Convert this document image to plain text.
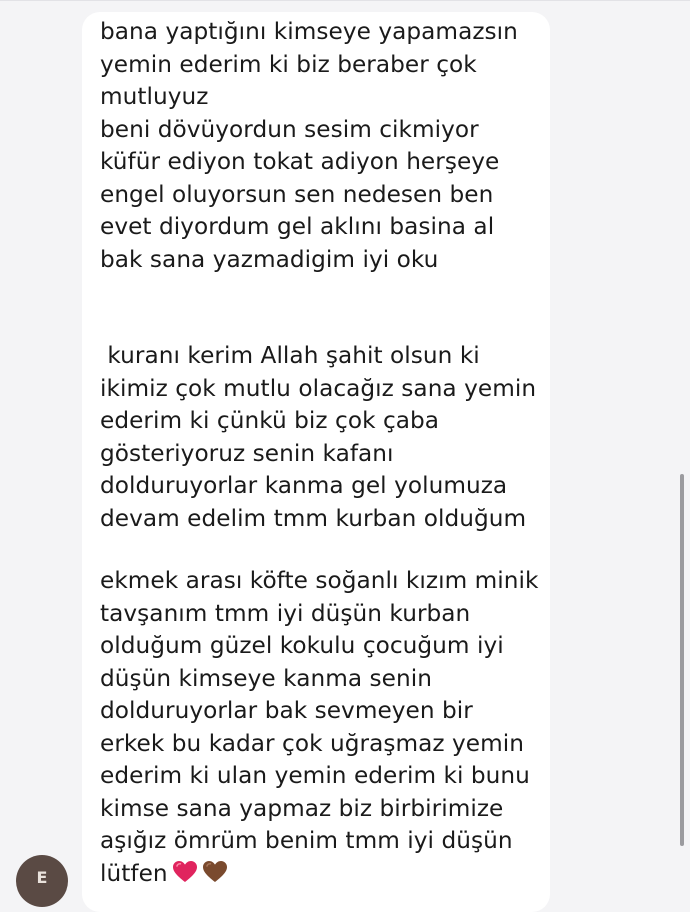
bana yaptığını kimseye yapamazsın
yemin ederim ki biz beraber çok
mutluyuz
beni dövüyordun sesim cikmiyor
küfür ediyon tokat adiyon herşeye
engel oluyorsun sen nedesen ben
evet diyordum gel aklını basina al
bak sana yazmadigim iyi oku
kuranı kerim Allah şahit olsun ki
ikimiz çok mutlu olacağız sana yemin
ederim ki çünkü biz çok çaba
gösteriyoruz senin kafanı
dolduruyorlar kanma gel yolumuza
devam edelim tmm kurban olduğum
ekmek arası köfte soğanlı kızım minik
tavşanım tmm iyi düşün kurban
olduğum güzel kokulu çocuğum iyi
düşün kimseye kanma senin
dolduruyorlar bak sevmeyen bir
erkek bu kadar çok uğraşmaz yemin
ederim ki ulan yemin ederim ki bunu
kimse sana yapmaz biz birbirimize
aşığız ömrüm benim tmm iyi düşün
lütfen
E
